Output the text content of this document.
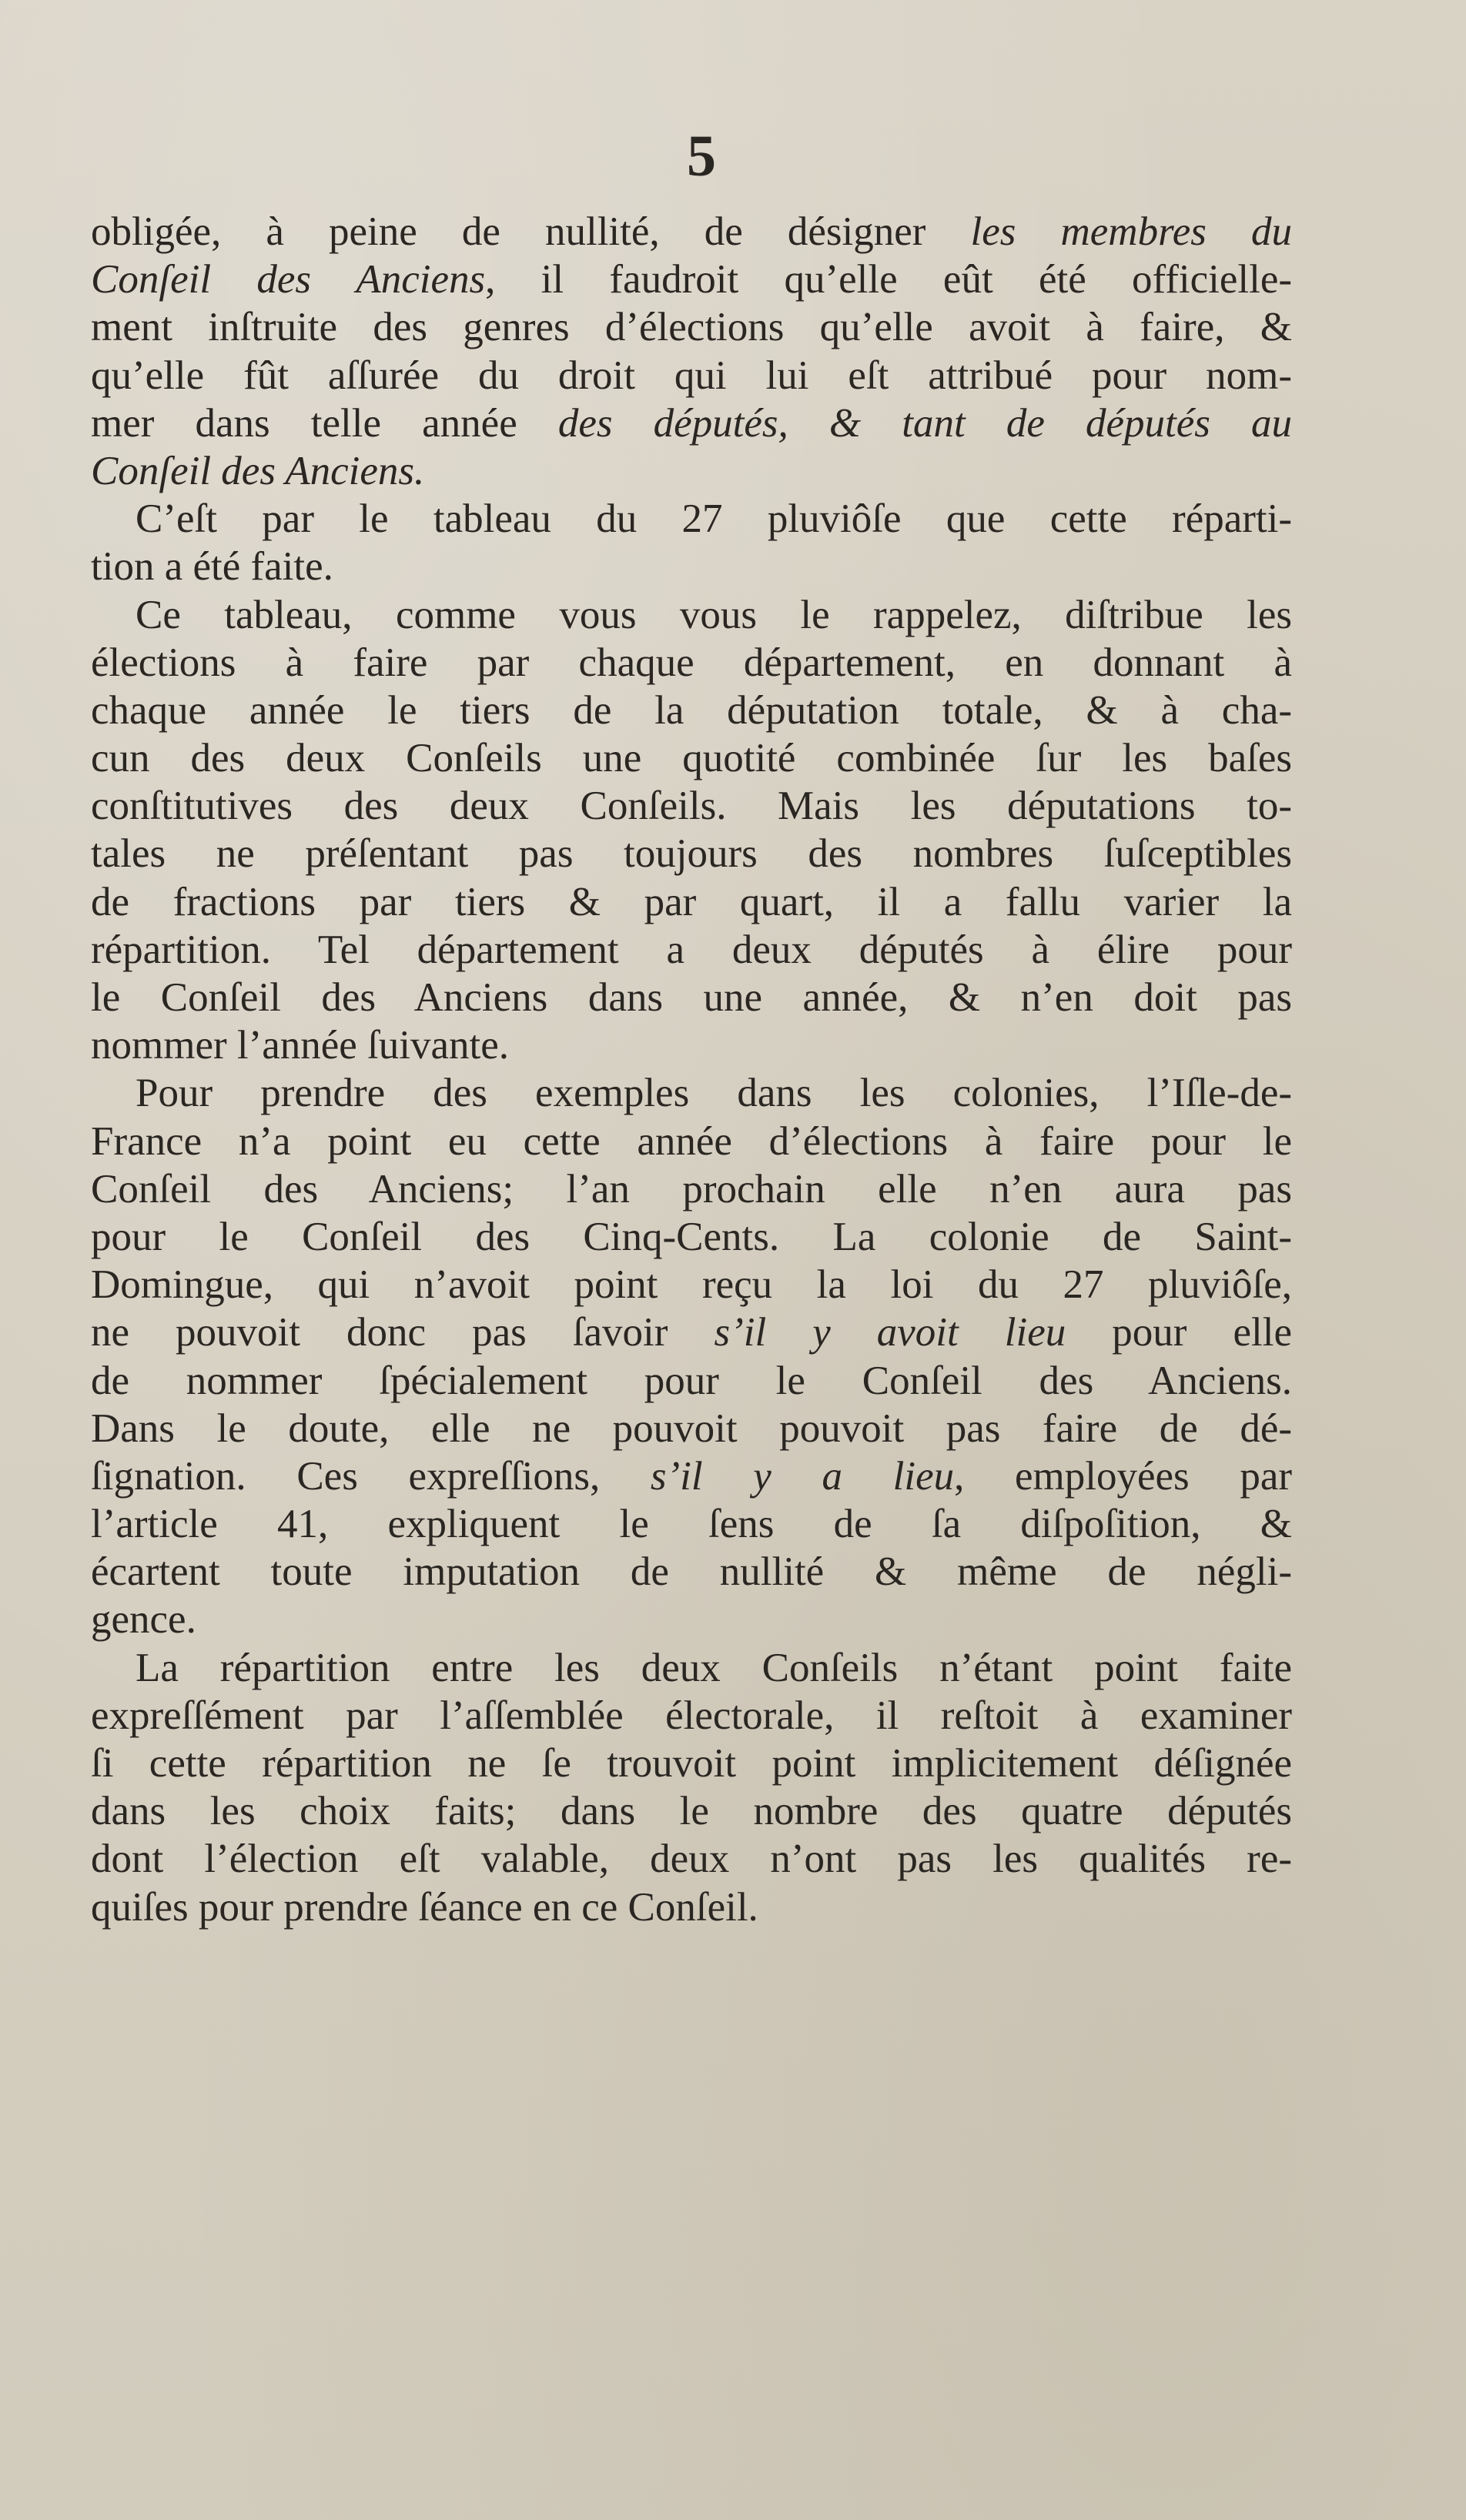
5
obligée, à peine de nullité, de désigner les membres du
Conſeil des Anciens, il faudroit qu’elle eût été officielle-
ment inſtruite des genres d’élections qu’elle avoit à faire, &
qu’elle fût aſſurée du droit qui lui eſt attribué pour nom-
mer dans telle année des députés, & tant de députés au
Conſeil des Anciens.
C’eſt par le tableau du 27 pluviôſe que cette réparti-
tion a été faite.
Ce tableau, comme vous vous le rappelez, diſtribue les
élections à faire par chaque département, en donnant à
chaque année le tiers de la députation totale, & à cha-
cun des deux Conſeils une quotité combinée ſur les baſes
conſtitutives des deux Conſeils. Mais les députations to-
tales ne préſentant pas toujours des nombres ſuſceptibles
de fractions par tiers & par quart, il a fallu varier la
répartition. Tel département a deux députés à élire pour
le Conſeil des Anciens dans une année, & n’en doit pas
nommer l’année ſuivante.
Pour prendre des exemples dans les colonies, l’Iſle-de-
France n’a point eu cette année d’élections à faire pour le
Conſeil des Anciens; l’an prochain elle n’en aura pas
pour le Conſeil des Cinq-Cents. La colonie de Saint-
Domingue, qui n’avoit point reçu la loi du 27 pluviôſe,
ne pouvoit donc pas ſavoir s’il y avoit lieu pour elle
de nommer ſpécialement pour le Conſeil des Anciens.
Dans le doute, elle ne pouvoit pouvoit pas faire de dé-
ſignation. Ces expreſſions, s’il y a lieu, employées par
l’article 41, expliquent le ſens de ſa diſpoſition, &
écartent toute imputation de nullité & même de négli-
gence.
La répartition entre les deux Conſeils n’étant point faite
expreſſément par l’aſſemblée électorale, il reſtoit à examiner
ſi cette répartition ne ſe trouvoit point implicitement déſignée
dans les choix faits; dans le nombre des quatre députés
dont l’élection eſt valable, deux n’ont pas les qualités re-
quiſes pour prendre ſéance en ce Conſeil.
